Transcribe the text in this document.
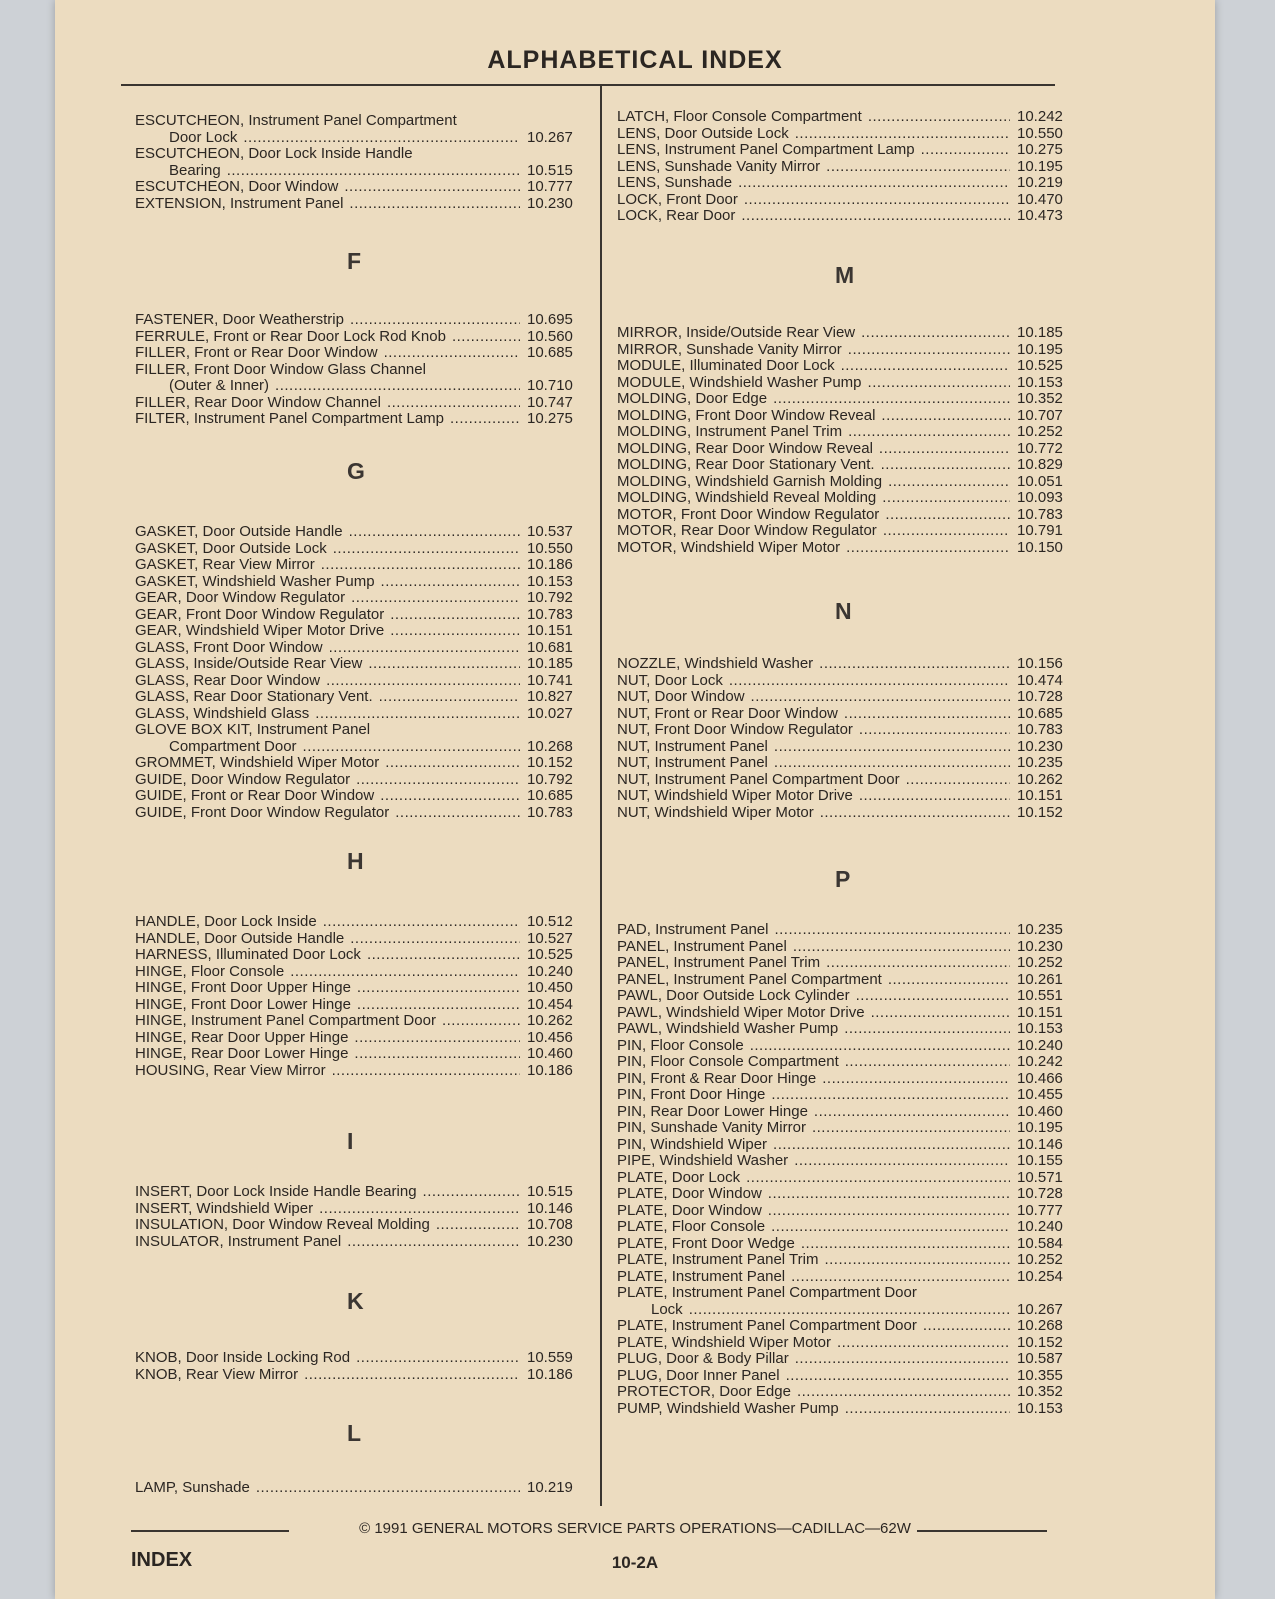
ALPHABETICAL INDEX
ESCUTCHEON, Instrument Panel Compartment
Door Lock .....	10.267
ESCUTCHEON, Door Lock Inside Handle
Bearing .....	10.515
ESCUTCHEON, Door Window .....	10.777
EXTENSION, Instrument Panel .....	10.230
F
FASTENER, Door Weatherstrip .....	10.695
FERRULE, Front or Rear Door Lock Rod Knob .....	10.560
FILLER, Front or Rear Door Window .....	10.685
FILLER, Front Door Window Glass Channel
(Outer & Inner) .....	10.710
FILLER, Rear Door Window Channel .....	10.747
FILTER, Instrument Panel Compartment Lamp .....	10.275
G
GASKET, Door Outside Handle .....	10.537
GASKET, Door Outside Lock .....	10.550
GASKET, Rear View Mirror .....	10.186
GASKET, Windshield Washer Pump .....	10.153
GEAR, Door Window Regulator .....	10.792
GEAR, Front Door Window Regulator .....	10.783
GEAR, Windshield Wiper Motor Drive .....	10.151
GLASS, Front Door Window .....	10.681
GLASS, Inside/Outside Rear View .....	10.185
GLASS, Rear Door Window .....	10.741
GLASS, Rear Door Stationary Vent. .....	10.827
GLASS, Windshield Glass .....	10.027
GLOVE BOX KIT, Instrument Panel
Compartment Door .....	10.268
GROMMET, Windshield Wiper Motor .....	10.152
GUIDE, Door Window Regulator .....	10.792
GUIDE, Front or Rear Door Window .....	10.685
GUIDE, Front Door Window Regulator .....	10.783
H
HANDLE, Door Lock Inside .....	10.512
HANDLE, Door Outside Handle .....	10.527
HARNESS, Illuminated Door Lock .....	10.525
HINGE, Floor Console .....	10.240
HINGE, Front Door Upper Hinge .....	10.450
HINGE, Front Door Lower Hinge .....	10.454
HINGE, Instrument Panel Compartment Door .....	10.262
HINGE, Rear Door Upper Hinge .....	10.456
HINGE, Rear Door Lower Hinge .....	10.460
HOUSING, Rear View Mirror .....	10.186
I
INSERT, Door Lock Inside Handle Bearing .....	10.515
INSERT, Windshield Wiper .....	10.146
INSULATION, Door Window Reveal Molding .....	10.708
INSULATOR, Instrument Panel .....	10.230
K
KNOB, Door Inside Locking Rod .....	10.559
KNOB, Rear View Mirror .....	10.186
L
LAMP, Sunshade .....	10.219
LATCH, Floor Console Compartment .....	10.242
LENS, Door Outside Lock .....	10.550
LENS, Instrument Panel Compartment Lamp .....	10.275
LENS, Sunshade Vanity Mirror .....	10.195
LENS, Sunshade .....	10.219
LOCK, Front Door .....	10.470
LOCK, Rear Door .....	10.473
M
MIRROR, Inside/Outside Rear View .....	10.185
MIRROR, Sunshade Vanity Mirror .....	10.195
MODULE, Illuminated Door Lock .....	10.525
MODULE, Windshield Washer Pump .....	10.153
MOLDING, Door Edge .....	10.352
MOLDING, Front Door Window Reveal .....	10.707
MOLDING, Instrument Panel Trim .....	10.252
MOLDING, Rear Door Window Reveal .....	10.772
MOLDING, Rear Door Stationary Vent. .....	10.829
MOLDING, Windshield Garnish Molding .....	10.051
MOLDING, Windshield Reveal Molding .....	10.093
MOTOR, Front Door Window Regulator .....	10.783
MOTOR, Rear Door Window Regulator .....	10.791
MOTOR, Windshield Wiper Motor .....	10.150
N
NOZZLE, Windshield Washer .....	10.156
NUT, Door Lock .....	10.474
NUT, Door Window .....	10.728
NUT, Front or Rear Door Window .....	10.685
NUT, Front Door Window Regulator .....	10.783
NUT, Instrument Panel .....	10.230
NUT, Instrument Panel .....	10.235
NUT, Instrument Panel Compartment Door .....	10.262
NUT, Windshield Wiper Motor Drive .....	10.151
NUT, Windshield Wiper Motor .....	10.152
P
PAD, Instrument Panel .....	10.235
PANEL, Instrument Panel .....	10.230
PANEL, Instrument Panel Trim .....	10.252
PANEL, Instrument Panel Compartment .....	10.261
PAWL, Door Outside Lock Cylinder .....	10.551
PAWL, Windshield Wiper Motor Drive .....	10.151
PAWL, Windshield Washer Pump .....	10.153
PIN, Floor Console .....	10.240
PIN, Floor Console Compartment .....	10.242
PIN, Front & Rear Door Hinge .....	10.466
PIN, Front Door Hinge .....	10.455
PIN, Rear Door Lower Hinge .....	10.460
PIN, Sunshade Vanity Mirror .....	10.195
PIN, Windshield Wiper .....	10.146
PIPE, Windshield Washer .....	10.155
PLATE, Door Lock .....	10.571
PLATE, Door Window .....	10.728
PLATE, Door Window .....	10.777
PLATE, Floor Console .....	10.240
PLATE, Front Door Wedge .....	10.584
PLATE, Instrument Panel Trim .....	10.252
PLATE, Instrument Panel .....	10.254
PLATE, Instrument Panel Compartment Door
Lock .....	10.267
PLATE, Instrument Panel Compartment Door .....	10.268
PLATE, Windshield Wiper Motor .....	10.152
PLUG, Door & Body Pillar .....	10.587
PLUG, Door Inner Panel .....	10.355
PROTECTOR, Door Edge .....	10.352
PUMP, Windshield Washer Pump .....	10.153
© 1991 GENERAL MOTORS SERVICE PARTS OPERATIONS—CADILLAC—62W
INDEX	10-2A
